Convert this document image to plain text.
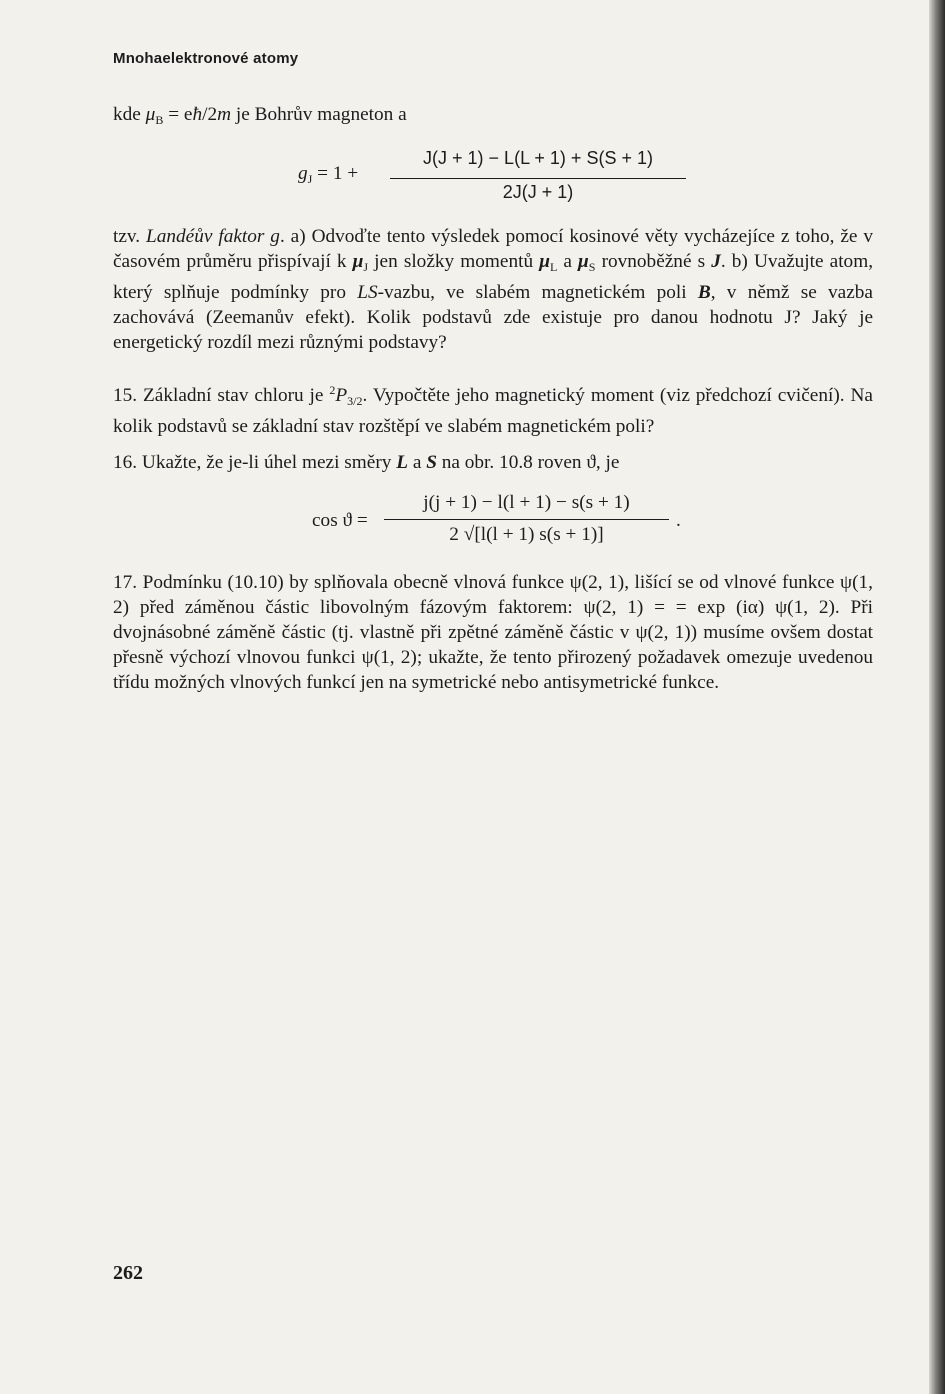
Mnohaelektronové atomy
kde $\mu_B$ = eħ/2m je Bohrův magneton a
$g_J = 1$ +
J(J + 1) − L(L + 1) + S(S + 1)
2J(J + 1)
tzv. Landéův faktor g. a) Odvoďte tento výsledek pomocí kosinové věty vycházejíce z toho, že v časovém průměru přispívají k $\mu_J$ jen složky momentů $\mu_L$ a $\mu_S$ rovnoběžné s J. b) Uvažujte atom, který splňuje podmínky pro LS-vazbu, ve slabém magnetickém poli B, v němž se vazba zachovává (Zeemanův efekt). Kolik podstavů zde existuje pro danou hodnotu J? Jaký je energetický rozdíl mezi různými podstavy?
15. Základní stav chloru je $^2P_{3/2}$. Vypočtěte jeho magnetický moment (viz předchozí cvičení). Na kolik podstavů se základní stav rozštěpí ve slabém magnetickém poli?
16. Ukažte, že je-li úhel mezi směry L a S na obr. 10.8 roven ϑ, je
cos ϑ =
j(j + 1) − l(l + 1) − s(s + 1)
2 √[l(l + 1) s(s + 1)]
.
17. Podmínku (10.10) by splňovala obecně vlnová funkce ψ(2, 1), lišící se od vlnové funkce ψ(1, 2) před záměnou částic libovolným fázovým faktorem: ψ(2, 1) = = exp (iα) ψ(1, 2). Při dvojnásobné záměně částic (tj. vlastně při zpětné záměně částic v ψ(2, 1)) musíme ovšem dostat přesně výchozí vlnovou funkci ψ(1, 2); ukažte, že tento přirozený požadavek omezuje uvedenou třídu možných vlnových funkcí jen na symetrické nebo antisymetrické funkce.
262
